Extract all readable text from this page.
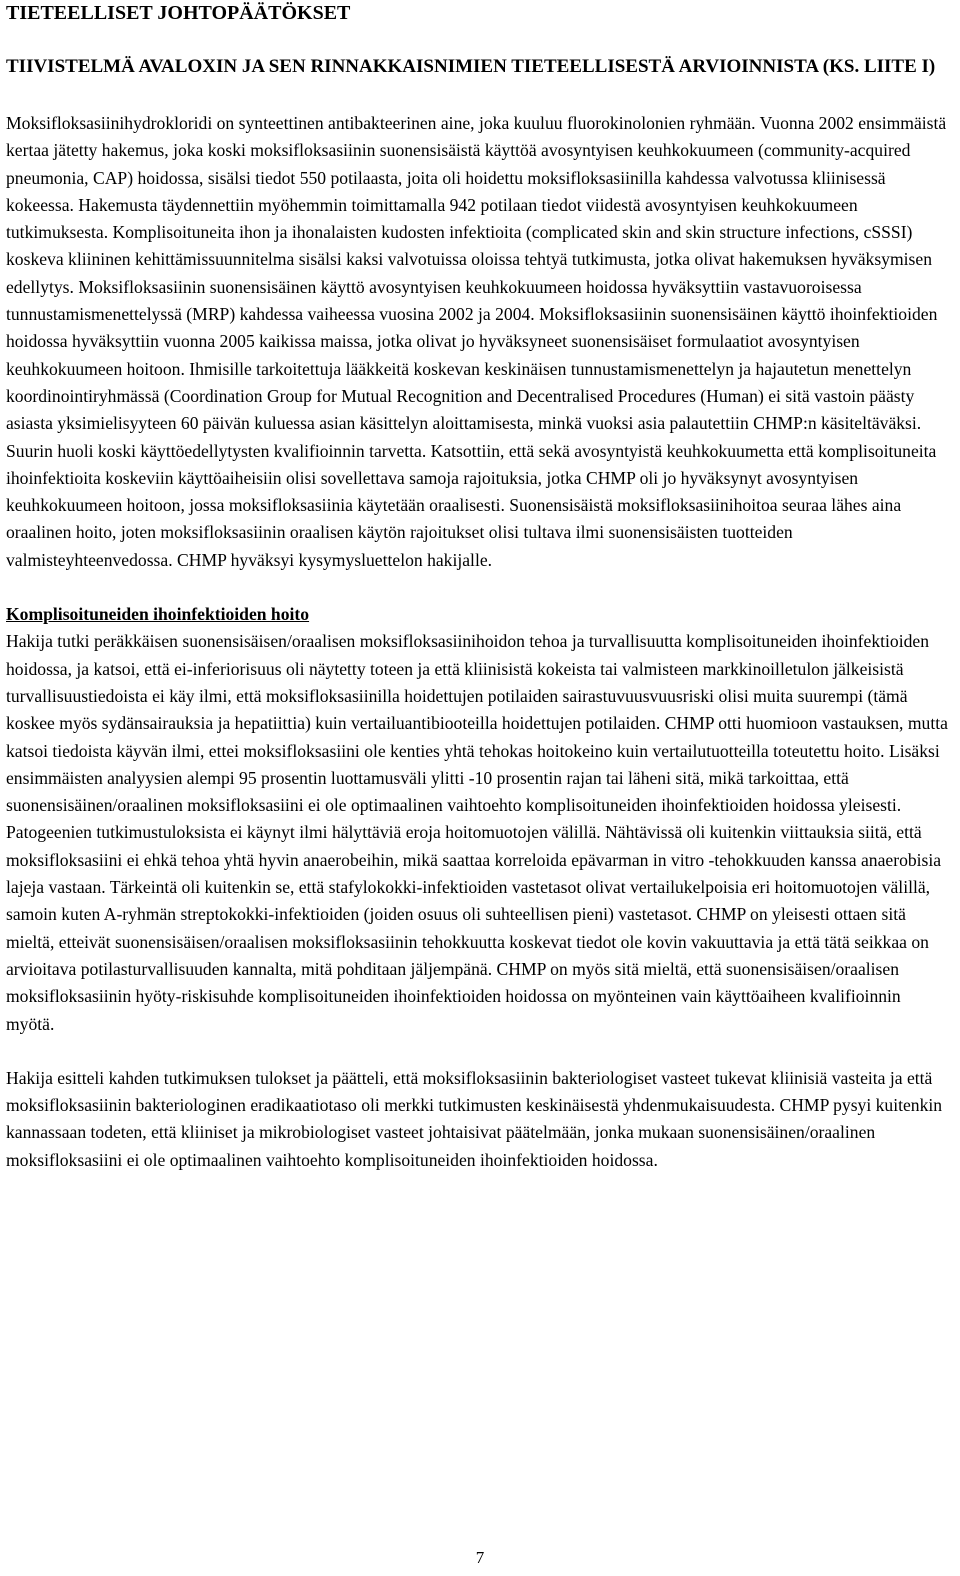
TIETEELLISET JOHTOPÄÄTÖKSET
TIIVISTELMÄ AVALOXIN JA SEN RINNAKKAISNIMIEN TIETEELLISESTÄ ARVIOINNISTA (KS. LIITE I)

Moksifloksasiinihydrokloridi on synteettinen antibakteerinen aine, joka kuuluu fluorokinolonien ryhmään. Vuonna 2002 ensimmäistä kertaa jätetty hakemus, joka koski moksifloksasiinin suonensisäistä käyttöä avosyntyisen keuhkokuumeen (community-acquired pneumonia, CAP) hoidossa, sisälsi tiedot 550 potilaasta, joita oli hoidettu moksifloksasiinilla kahdessa valvotussa kliinisessä kokeessa. Hakemusta täydennettiin myöhemmin toimittamalla 942 potilaan tiedot viidestä avosyntyisen keuhkokuumeen tutkimuksesta. Komplisoituneita ihon ja ihonalaisten kudosten infektioita (complicated skin and skin structure infections, cSSSI) koskeva kliininen kehittämissuunnitelma sisälsi kaksi valvotuissa oloissa tehtyä tutkimusta, jotka olivat hakemuksen hyväksymisen edellytys. Moksifloksasiinin suonensisäinen käyttö avosyntyisen keuhkokuumeen hoidossa hyväksyttiin vastavuoroisessa tunnustamismenettelyssä (MRP) kahdessa vaiheessa vuosina 2002 ja 2004. Moksifloksasiinin suonensisäinen käyttö ihoinfektioiden hoidossa hyväksyttiin vuonna 2005 kaikissa maissa, jotka olivat jo hyväksyneet suonensisäiset formulaatiot avosyntyisen keuhkokuumeen hoitoon. Ihmisille tarkoitettuja lääkkeitä koskevan keskinäisen tunnustamismenettelyn ja hajautetun menettelyn koordinointiryhmässä (Coordination Group for Mutual Recognition and Decentralised Procedures (Human) ei sitä vastoin päästy asiasta yksimielisyyteen 60 päivän kuluessa asian käsittelyn aloittamisesta, minkä vuoksi asia palautettiin CHMP:n käsiteltäväksi. Suurin huoli koski käyttöedellytysten kvalifioinnin tarvetta. Katsottiin, että sekä avosyntyistä keuhkokuumetta että komplisoituneita ihoinfektioita koskeviin käyttöaiheisiin olisi sovellettava samoja rajoituksia, jotka CHMP oli jo hyväksynyt avosyntyisen keuhkokuumeen hoitoon, jossa moksifloksasiinia käytetään oraalisesti. Suonensisäistä moksifloksasiinihoitoa seuraa lähes aina oraalinen hoito, joten moksifloksasiinin oraalisen käytön rajoitukset olisi tultava ilmi suonensisäisten tuotteiden valmisteyhteenvedossa. CHMP hyväksyi kysymysluettelon hakijalle.

Komplisoituneiden ihoinfektioiden hoito

Hakija tutki peräkkäisen suonensisäisen/oraalisen moksifloksasiinihoidon tehoa ja turvallisuutta komplisoituneiden ihoinfektioiden hoidossa, ja katsoi, että ei-inferiorisuus oli näytetty toteen ja että kliinisistä kokeista tai valmisteen markkinoilletulon jälkeisistä turvallisuustiedoista ei käy ilmi, että moksifloksasiinilla hoidettujen potilaiden sairastuvuusvuusriski olisi muita suurempi (tämä koskee myös sydänsairauksia ja hepatiittia) kuin vertailuantibiooteilla hoidettujen potilaiden. CHMP otti huomioon vastauksen, mutta katsoi tiedoista käyvän ilmi, ettei moksifloksasiini ole kenties yhtä tehokas hoitokeino kuin vertailutuotteilla toteutettu hoito. Lisäksi ensimmäisten analyysien alempi 95 prosentin luottamusväli ylitti -10 prosentin rajan tai läheni sitä, mikä tarkoittaa, että suonensisäinen/oraalinen moksifloksasiini ei ole optimaalinen vaihtoehto komplisoituneiden ihoinfektioiden hoidossa yleisesti. Patogeenien tutkimustuloksista ei käynyt ilmi hälyttäviä eroja hoitomuotojen välillä. Nähtävissä oli kuitenkin viittauksia siitä, että moksifloksasiini ei ehkä tehoa yhtä hyvin anaerobeihin, mikä saattaa korreloida epävarman in vitro -tehokkuuden kanssa anaerobisia lajeja vastaan. Tärkeintä oli kuitenkin se, että stafylokokki-infektioiden vastetasot olivat vertailukelpoisia eri hoitomuotojen välillä, samoin kuten A-ryhmän streptokokki-infektioiden (joiden osuus oli suhteellisen pieni) vastetasot. CHMP on yleisesti ottaen sitä mieltä, etteivät suonensisäisen/oraalisen moksifloksasiinin tehokkuutta koskevat tiedot ole kovin vakuuttavia ja että tätä seikkaa on arvioitava potilasturvallisuuden kannalta, mitä pohditaan jäljempänä. CHMP on myös sitä mieltä, että suonensisäisen/oraalisen moksifloksasiinin hyöty-riskisuhde komplisoituneiden ihoinfektioiden hoidossa on myönteinen vain käyttöaiheen kvalifioinnin myötä.

Hakija esitteli kahden tutkimuksen tulokset ja päätteli, että moksifloksasiinin bakteriologiset vasteet tukevat kliinisiä vasteita ja että moksifloksasiinin bakteriologinen eradikaatiotaso oli merkki tutkimusten keskinäisestä yhdenmukaisuudesta. CHMP pysyi kuitenkin kannassaan todeten, että kliiniset ja mikrobiologiset vasteet johtaisivat päätelmään, jonka mukaan suonensisäinen/oraalinen moksifloksasiini ei ole optimaalinen vaihtoehto komplisoituneiden ihoinfektioiden hoidossa.

7
